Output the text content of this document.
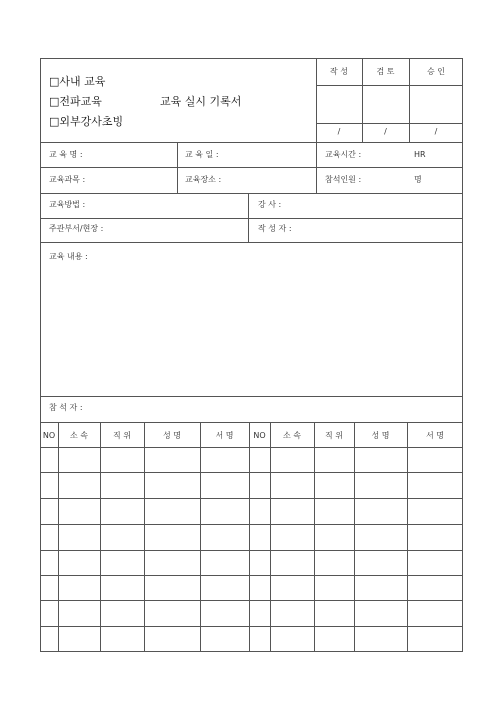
□사내 교육
□전파교육
□외부강사초빙
교육 실시 기록서
작 성	검 토	승 인
/	/	/
교 육 명 :	교 육 일 :	교육시간 :	HR
교육과목 :	교육장소 :	참석인원 :	명
교육방법 :	강 사 :
주관부서/현장 :	작 성 자 :
교육 내용 :
참 석 자 :
NO	소 속	직 위	성 명	서 명	NO	소 속	직 위	성 명	서 명
